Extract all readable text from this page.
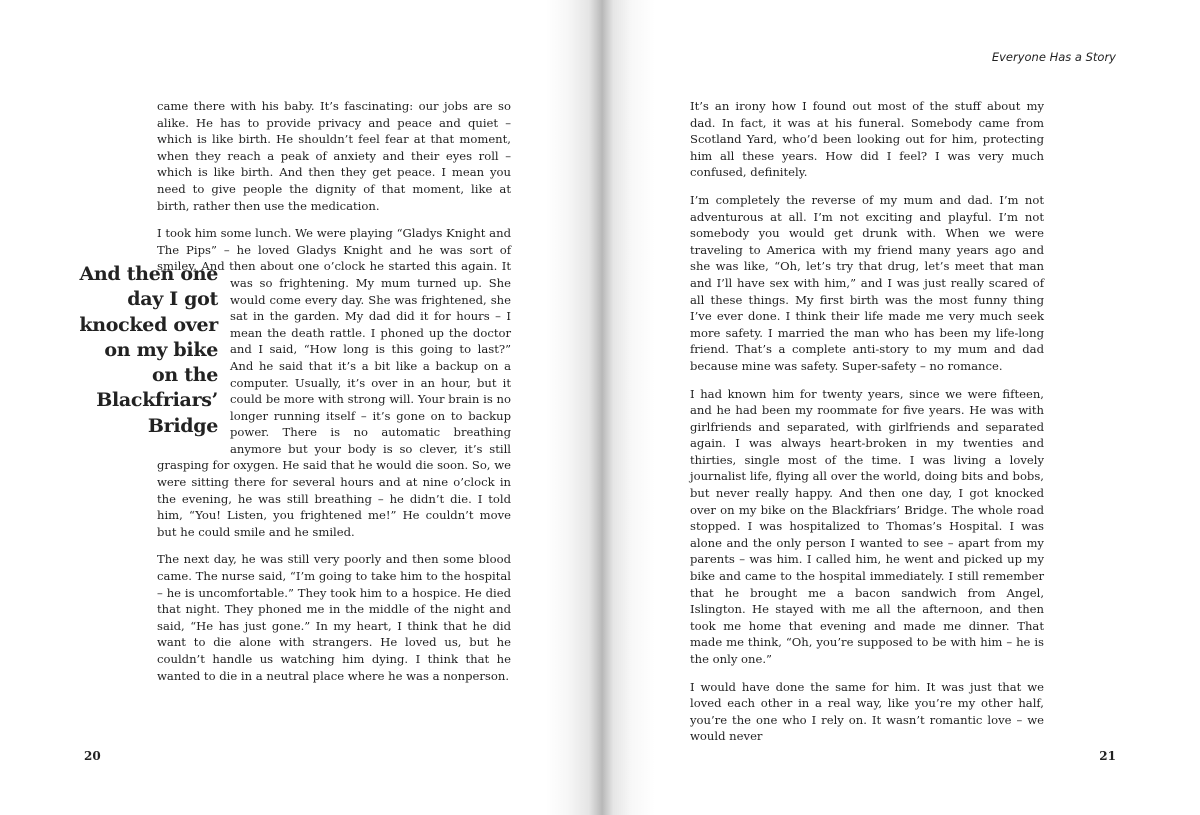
Everyone Has a Story

came there with his baby. It’s fascinating: our jobs are so alike. He has to provide privacy and peace and quiet – which is like birth. He shouldn’t feel fear at that moment, when they reach a peak of anxiety and their eyes roll – which is like birth. And then they get peace. I mean you need to give people the dignity of that moment, like at birth, rather then use the medication.

I took him some lunch. We were playing “Gladys Knight and The Pips” – he loved Gladys Knight and he was sort of smiley. And then about one o’clock he started this again. It was so frightening. My mum turned up. She would come every day. She was frightened, she sat in the garden. My dad did it for hours – I mean the death rattle. I phoned up the doctor and I said, “How long is this going to last?” And he said that it’s a bit like a backup on a computer. Usually, it’s over in an hour, but it could be more with strong will. Your brain is no longer running itself – it’s gone on to backup power. There is no automatic breathing anymore but your body is so clever, it’s still grasping for oxygen. He said that he would die soon. So, we were sitting there for several hours and at nine o’clock in the evening, he was still breathing – he didn’t die. I told him, “You! Listen, you frightened me!” He couldn’t move but he could smile and he smiled.

The next day, he was still very poorly and then some blood came. The nurse said, “I’m going to take him to the hospital – he is uncomfortable.” They took him to a hospice. He died that night. They phoned me in the middle of the night and said, “He has just gone.” In my heart, I think that he did want to die alone with strangers. He loved us, but he couldn’t handle us watching him dying. I think that he wanted to die in a neutral place where he was a nonperson.

And then one day I got knocked over on my bike on the Blackfriars’ Bridge

It’s an irony how I found out most of the stuff about my dad. In fact, it was at his funeral. Somebody came from Scotland Yard, who’d been looking out for him, protecting him all these years. How did I feel? I was very much confused, definitely.

I’m completely the reverse of my mum and dad. I’m not adventurous at all. I’m not exciting and playful. I’m not somebody you would get drunk with. When we were traveling to America with my friend many years ago and she was like, “Oh, let’s try that drug, let’s meet that man and I’ll have sex with him,” and I was just really scared of all these things. My first birth was the most funny thing I’ve ever done. I think their life made me very much seek more safety. I married the man who has been my life-long friend. That’s a complete anti-story to my mum and dad because mine was safety. Super-safety – no romance.

I had known him for twenty years, since we were fifteen, and he had been my roommate for five years. He was with girlfriends and separated, with girlfriends and separated again. I was always heart-broken in my twenties and thirties, single most of the time. I was living a lovely journalist life, flying all over the world, doing bits and bobs, but never really happy. And then one day, I got knocked over on my bike on the Blackfriars’ Bridge. The whole road stopped. I was hospitalized to Thomas’s Hospital. I was alone and the only person I wanted to see – apart from my parents – was him. I called him, he went and picked up my bike and came to the hospital immediately. I still remember that he brought me a bacon sandwich from Angel, Islington. He stayed with me all the afternoon, and then took me home that evening and made me dinner. That made me think, “Oh, you’re supposed to be with him – he is the only one.”

I would have done the same for him. It was just that we loved each other in a real way, like you’re my other half, you’re the one who I rely on. It wasn’t romantic love – we would never

20	21
